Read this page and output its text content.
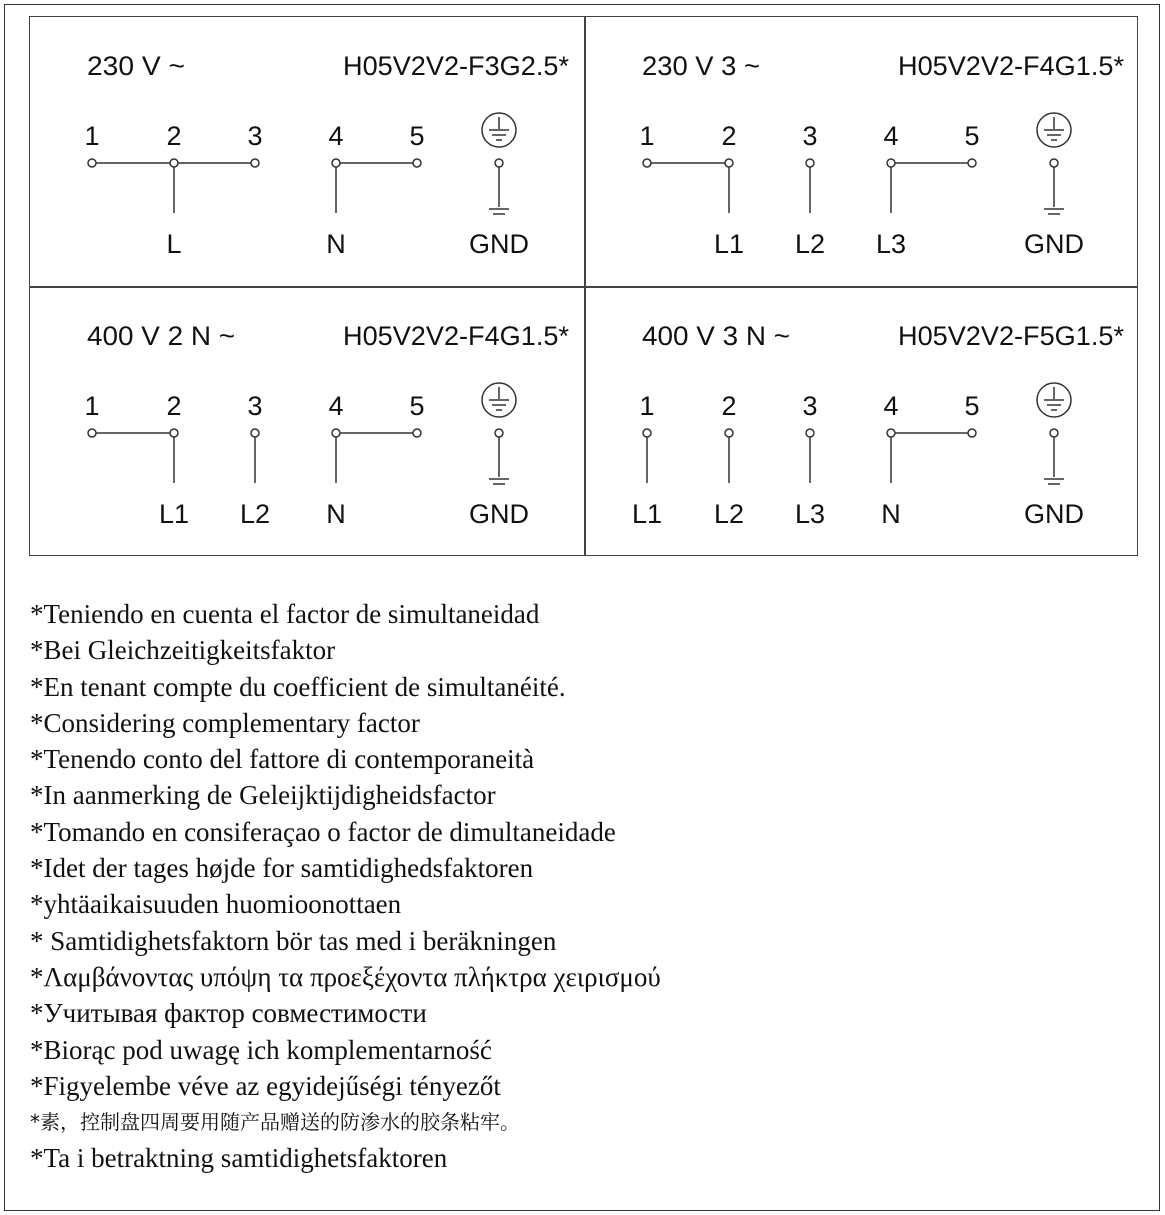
230 V ~	H05V2V2-F3G2.5*
1 2 3 4 5
L	N	GND
230 V 3 ~	H05V2V2-F4G1.5*
1 2 3 4 5
L1 L2 L3	GND
400 V 2 N ~	H05V2V2-F4G1.5*
1 2 3 4 5
L1 L2 N	GND
400 V 3 N ~	H05V2V2-F5G1.5*
1 2 3 4 5
L1 L2 L3 N	GND
*Teniendo en cuenta el factor de simultaneidad
*Bei Gleichzeitigkeitsfaktor
*En tenant compte du coefficient de simultanéité.
*Considering complementary factor
*Tenendo conto del fattore di contemporaneità
*In aanmerking de Geleijktijdigheidsfactor
*Tomando en consiferaçao o factor de dimultaneidade
*Idet der tages højde for samtidighedsfaktoren
*yhtäaikaisuuden huomioonottaen
* Samtidighetsfaktorn bör tas med i beräkningen
*Λαμβάνοντας υπόψη τα προεξέχοντα πλήκτρα χειρισμού
*Учитывая фактор совместимости
*Biorąc pod uwagę ich komplementarność
*Figyelembe véve az egyidejűségi tényezőt
*素，控制盘四周要用随产品赠送的防渗水的胶条粘牢。
*Ta i betraktning samtidighetsfaktoren
